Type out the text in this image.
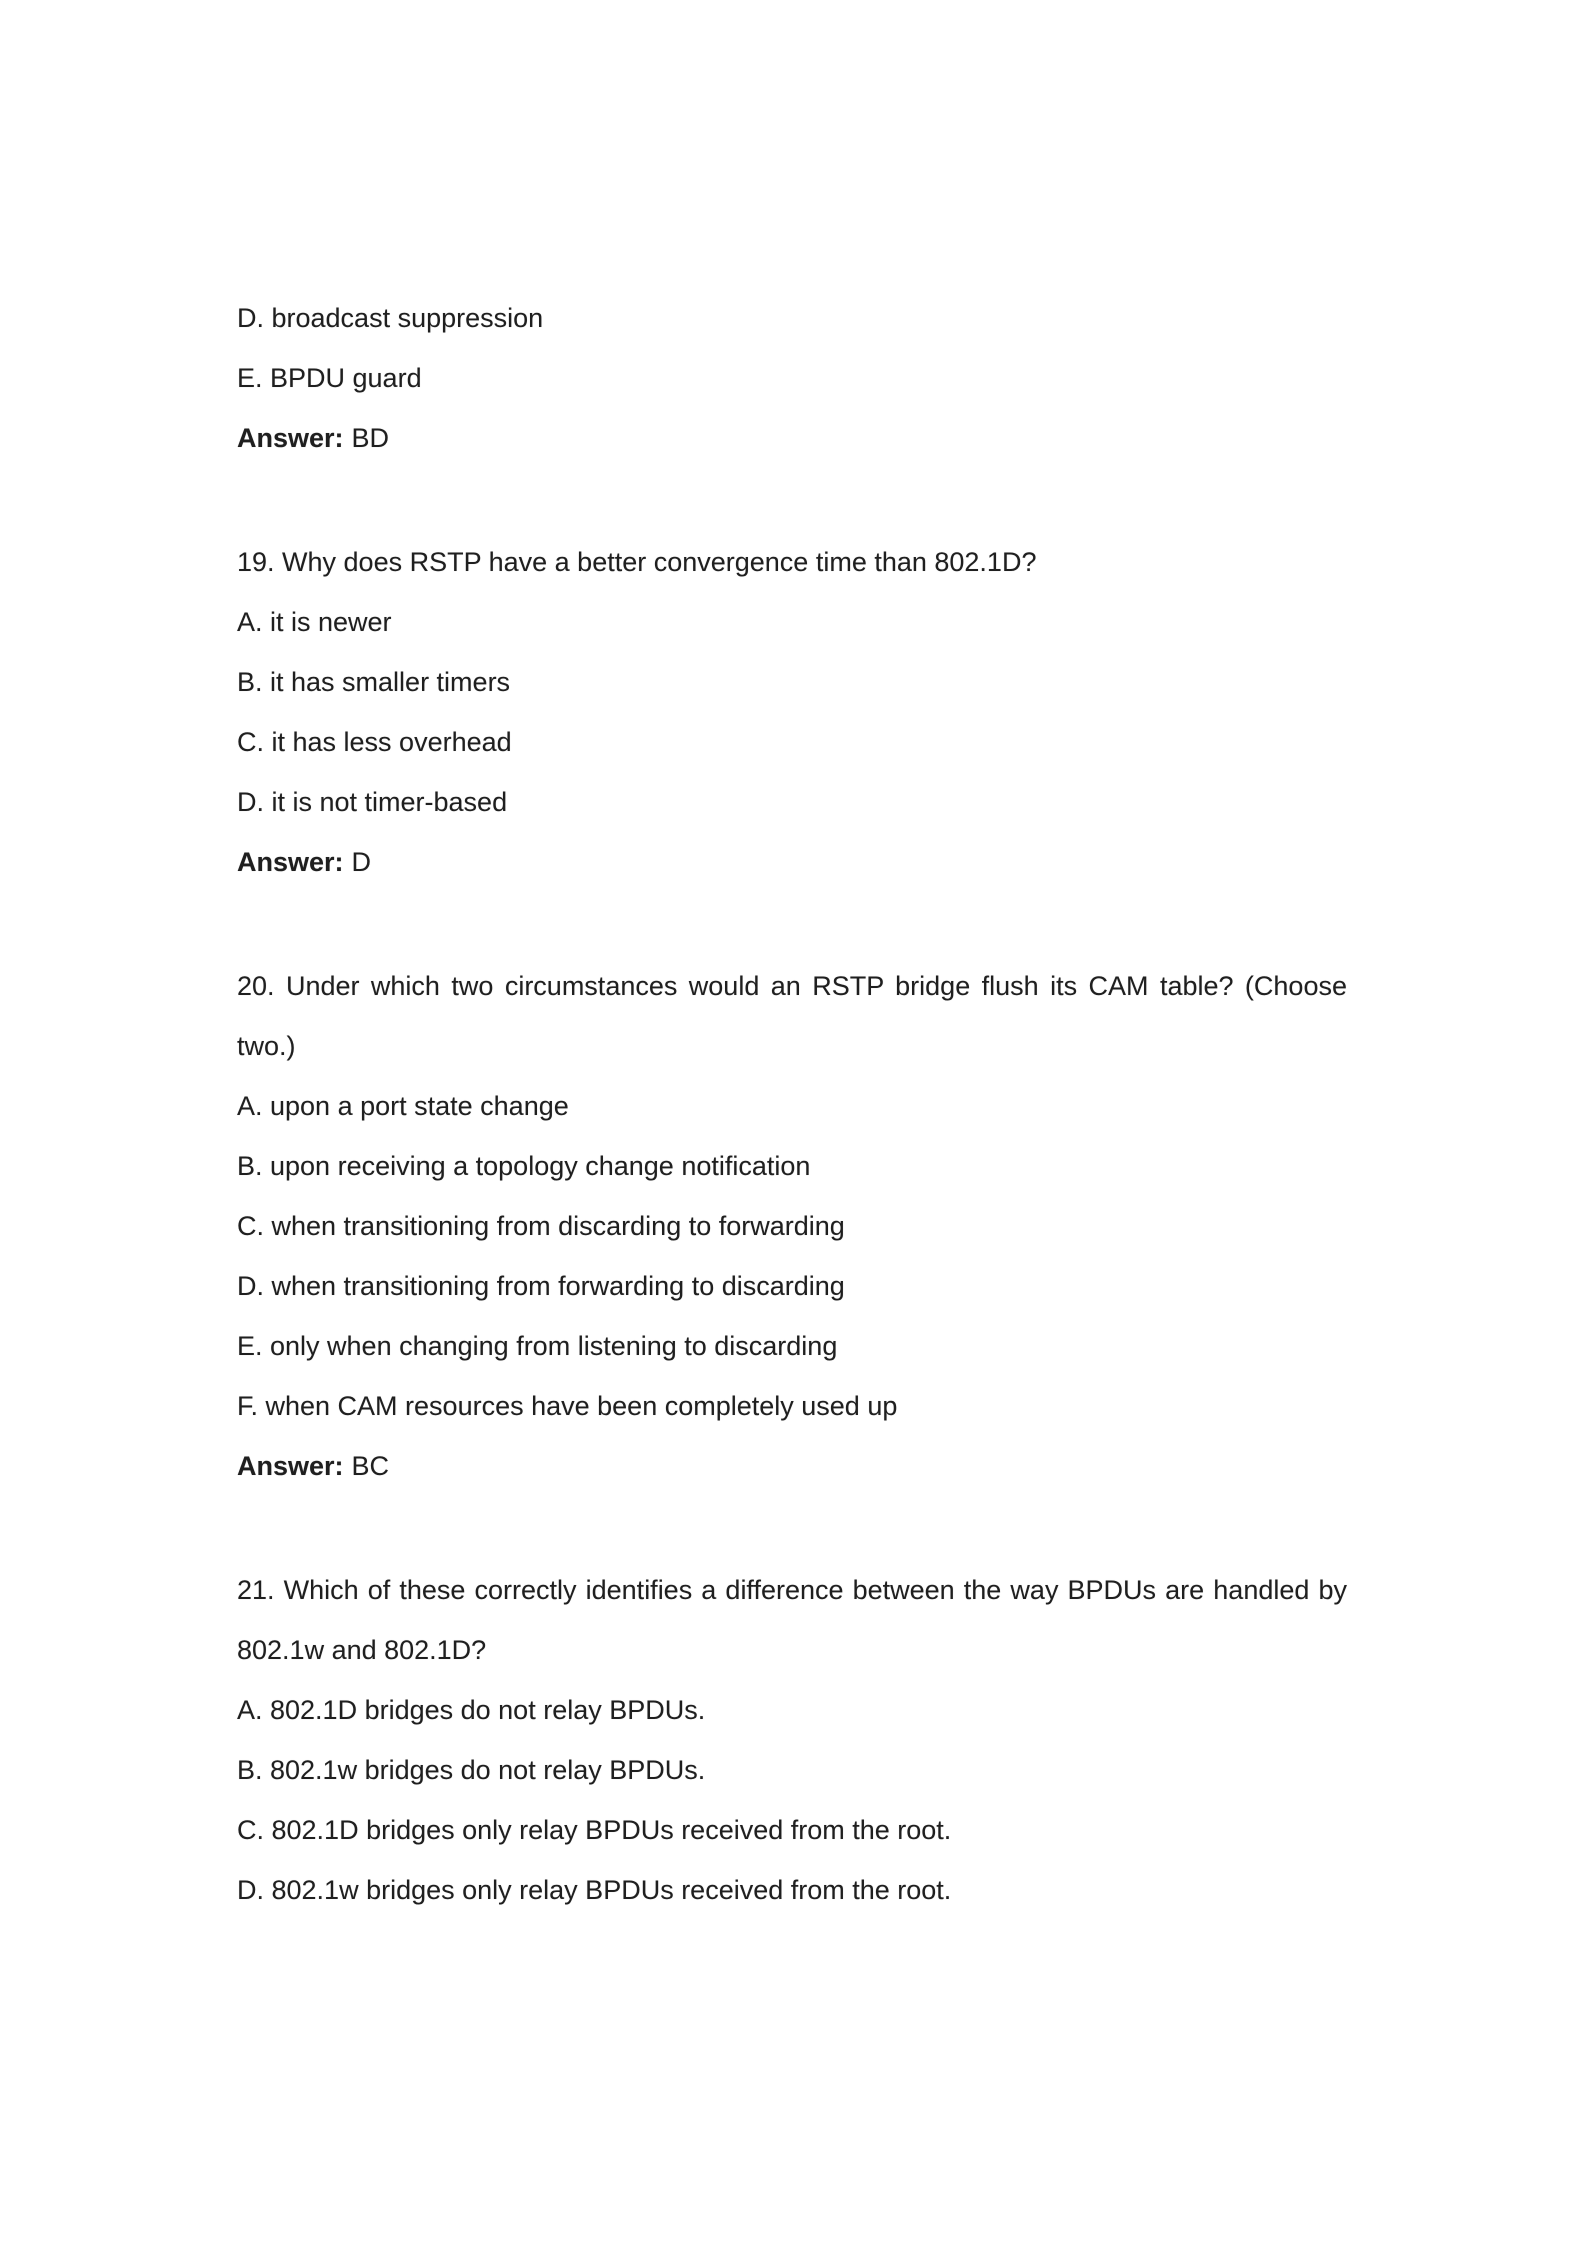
D. broadcast suppression

E. BPDU guard

Answer: BD

19. Why does RSTP have a better convergence time than 802.1D?

A. it is newer

B. it has smaller timers

C. it has less overhead

D. it is not timer-based

Answer: D

20. Under which two circumstances would an RSTP bridge flush its CAM table? (Choose two.)

A. upon a port state change

B. upon receiving a topology change notification

C. when transitioning from discarding to forwarding

D. when transitioning from forwarding to discarding

E. only when changing from listening to discarding

F. when CAM resources have been completely used up

Answer: BC

21. Which of these correctly identifies a difference between the way BPDUs are handled by 802.1w and 802.1D?

A. 802.1D bridges do not relay BPDUs.

B. 802.1w bridges do not relay BPDUs.

C. 802.1D bridges only relay BPDUs received from the root.

D. 802.1w bridges only relay BPDUs received from the root.
